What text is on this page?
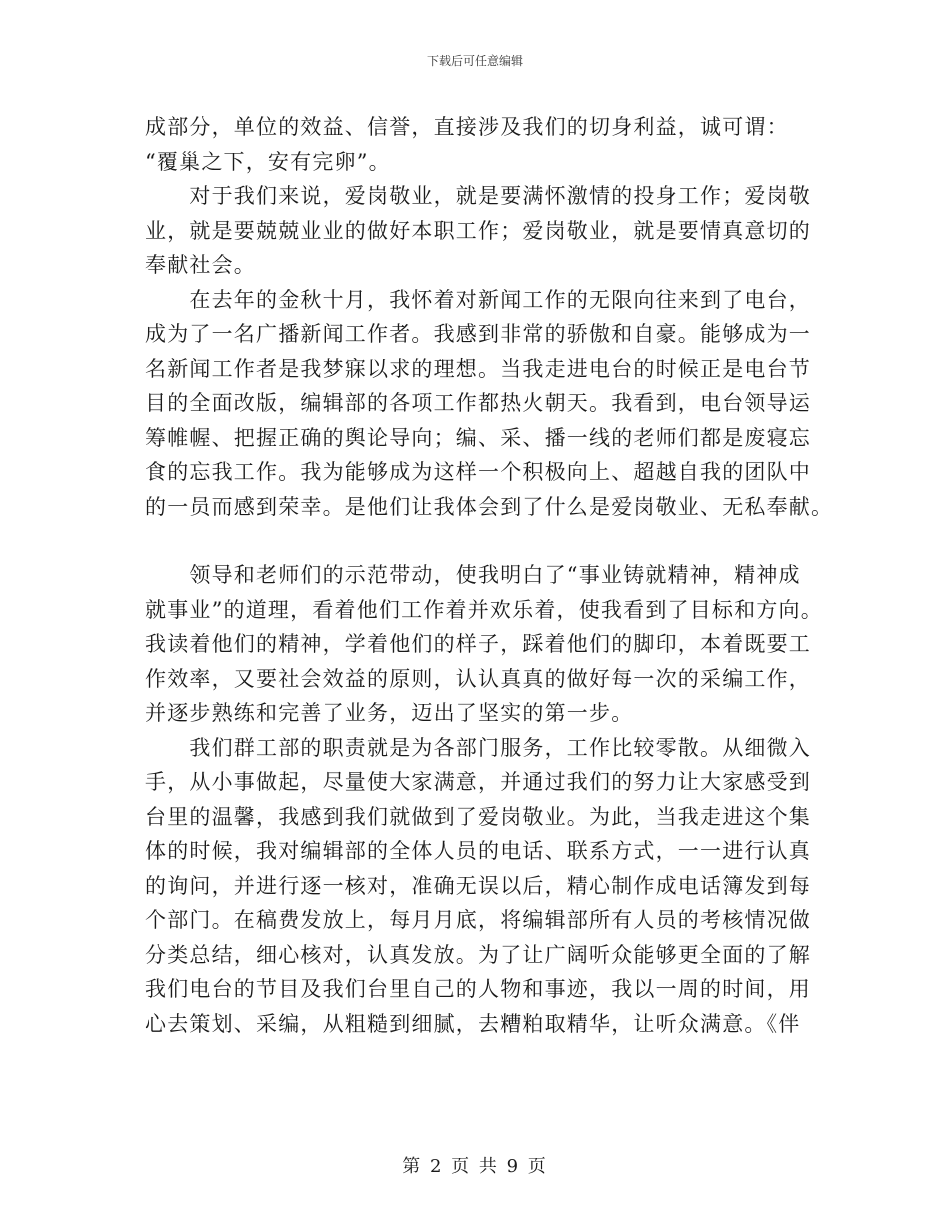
下载后可任意编辑

成部分，单位的效益、信誉，直接涉及我们的切身利益，诚可谓：
“覆巢之下，安有完卵”。

　　对于我们来说，爱岗敬业，就是要满怀激情的投身工作；爱岗敬
业，就是要兢兢业业的做好本职工作；爱岗敬业，就是要情真意切的
奉献社会。

　　在去年的金秋十月，我怀着对新闻工作的无限向往来到了电台，
成为了一名广播新闻工作者。我感到非常的骄傲和自豪。能够成为一
名新闻工作者是我梦寐以求的理想。当我走进电台的时候正是电台节
目的全面改版，编辑部的各项工作都热火朝天。我看到，电台领导运
筹帷幄、把握正确的舆论导向；编、采、播一线的老师们都是废寝忘
食的忘我工作。我为能够成为这样一个积极向上、超越自我的团队中
的一员而感到荣幸。是他们让我体会到了什么是爱岗敬业、无私奉献。

　　领导和老师们的示范带动，使我明白了“事业铸就精神，精神成
就事业”的道理，看着他们工作着并欢乐着，使我看到了目标和方向。
我读着他们的精神，学着他们的样子，踩着他们的脚印，本着既要工
作效率，又要社会效益的原则，认认真真的做好每一次的采编工作，
并逐步熟练和完善了业务，迈出了坚实的第一步。

　　我们群工部的职责就是为各部门服务，工作比较零散。从细微入
手，从小事做起，尽量使大家满意，并通过我们的努力让大家感受到
台里的温馨，我感到我们就做到了爱岗敬业。为此，当我走进这个集
体的时候，我对编辑部的全体人员的电话、联系方式，一一进行认真
的询问，并进行逐一核对，准确无误以后，精心制作成电话簿发到每
个部门。在稿费发放上，每月月底，将编辑部所有人员的考核情况做
分类总结，细心核对，认真发放。为了让广阔听众能够更全面的了解
我们电台的节目及我们台里自己的人物和事迹，我以一周的时间，用
心去策划、采编，从粗糙到细腻，去糟粕取精华，让听众满意。《伴

第 2 页 共 9 页
